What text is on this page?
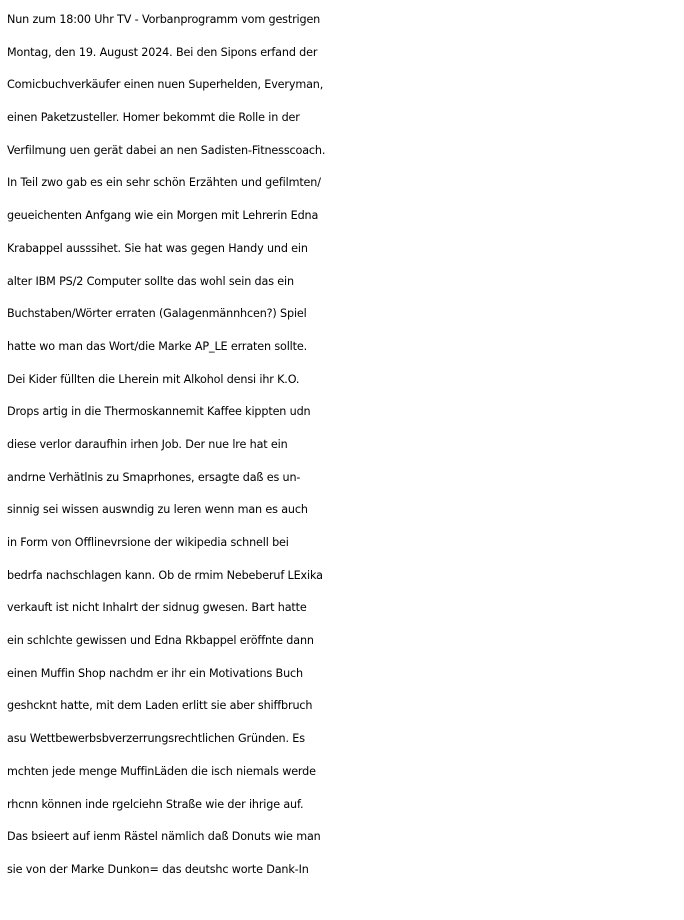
Nun zum 18:00 Uhr TV - Vorbanprogramm vom gestrigen
Montag, den 19. August 2024. Bei den Sipons erfand der
Comicbuchverkäufer einen nuen Superhelden, Everyman,
einen Paketzusteller. Homer bekommt die Rolle in der
Verfilmung uen gerät dabei an nen Sadisten-Fitnesscoach.
In Teil zwo gab es ein sehr schön Erzähten und gefilmten/
geueichenten Anfgang wie ein Morgen mit Lehrerin Edna
Krabappel ausssihet. Sie hat was gegen Handy und ein
alter IBM PS/2 Computer sollte das wohl sein das ein
Buchstaben/Wörter erraten (Galagenmännhcen?) Spiel
hatte wo man das Wort/die Marke AP_LE erraten sollte.
Dei Kider füllten die Lherein mit Alkohol densi ihr K.O.
Drops artig in die Thermoskannemit Kaffee kippten udn
diese verlor daraufhin irhen Job. Der nue lre hat ein
andrne Verhätlnis zu Smaprhones, ersagte daß es un-
sinnig sei wissen auswndig zu leren wenn man es auch
in Form von Offlinevrsione der wikipedia schnell bei
bedrfa nachschlagen kann. Ob de rmim Nebeberuf LExika
verkauft ist nicht Inhalrt der sidnug gwesen. Bart hatte
ein schlchte gewissen und Edna Rkbappel eröffnte dann
einen Muffin Shop nachdm er ihr ein Motivations Buch
geshcknt hatte, mit dem Laden erlitt sie aber shiffbruch
asu Wettbewerbsbverzerrungsrechtlichen Gründen. Es
mchten jede menge MuffinLäden die isch niemals werde
rhcnn können inde rgelciehn Straße wie der ihrige auf.
Das bsieert auf ienm Rästel nämlich daß Donuts wie man
sie von der Marke Dunkon= das deutshc worte Dank-In
